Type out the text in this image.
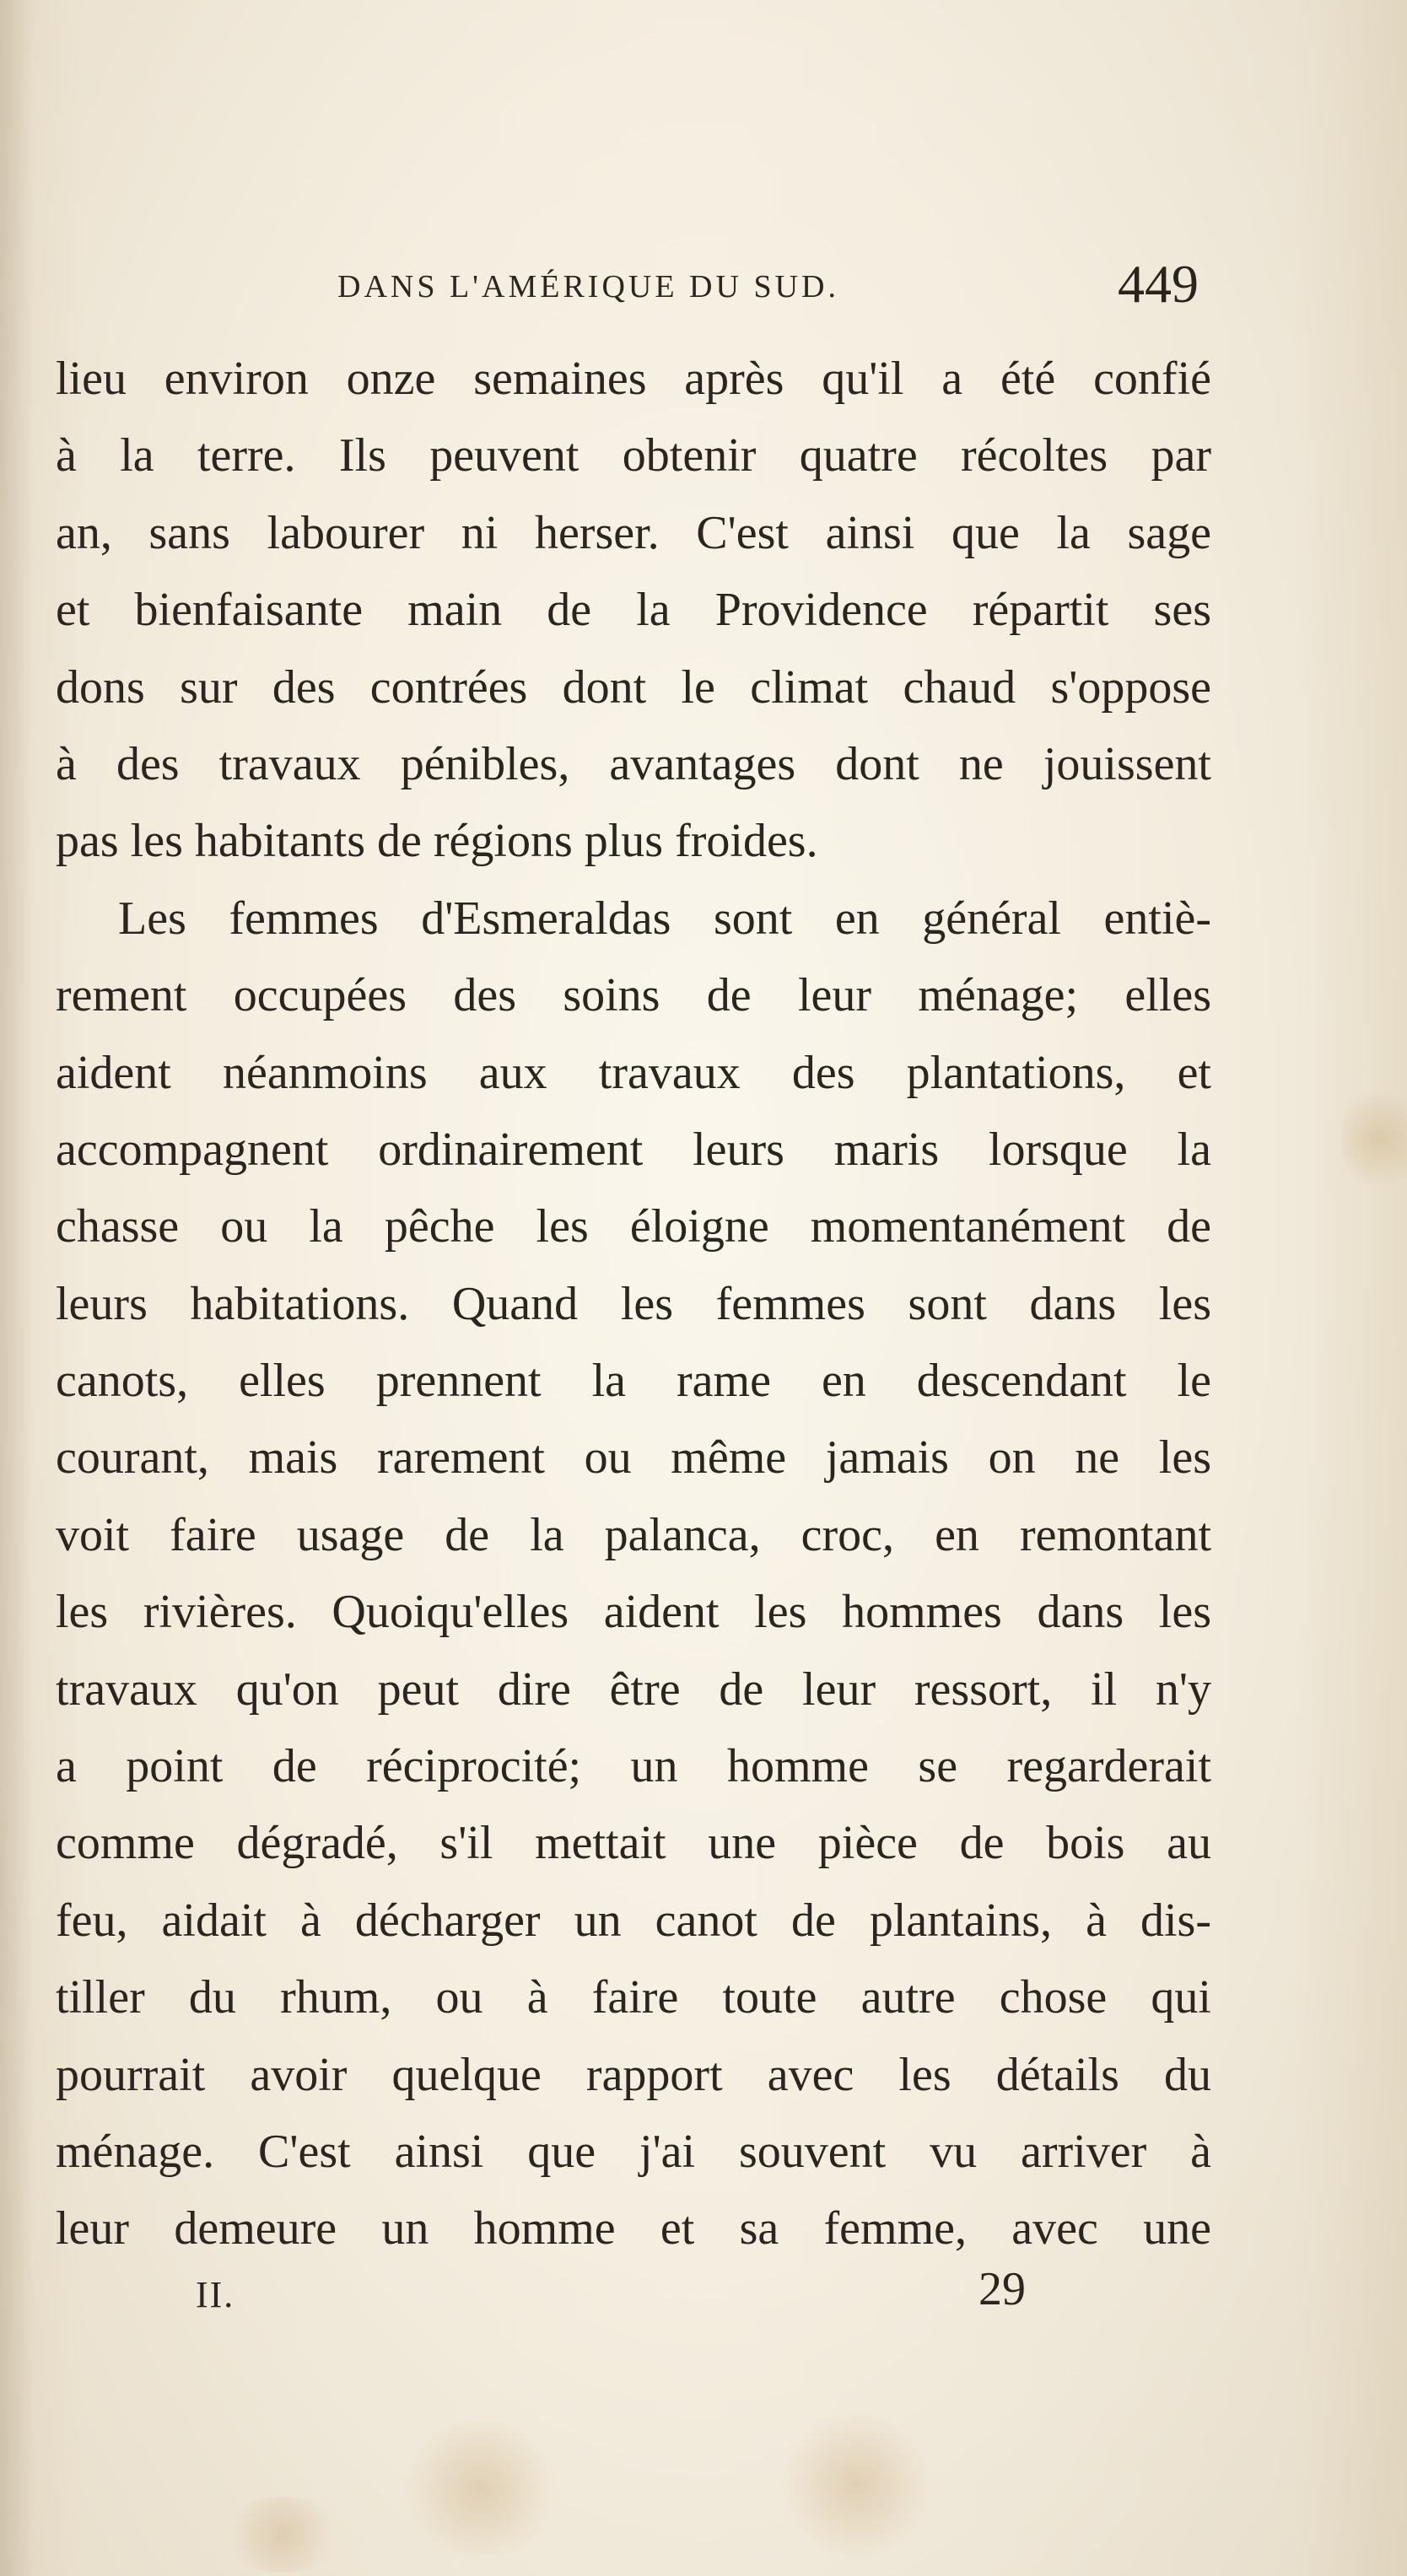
DANS L'AMÉRIQUE DU SUD.	449
lieu environ onze semaines après qu'il a été confié
à la terre. Ils peuvent obtenir quatre récoltes par
an, sans labourer ni herser. C'est ainsi que la sage
et bienfaisante main de la Providence répartit ses
dons sur des contrées dont le climat chaud s'oppose
à des travaux pénibles, avantages dont ne jouissent
pas les habitants de régions plus froides.
Les femmes d'Esmeraldas sont en général entiè-
rement occupées des soins de leur ménage; elles
aident néanmoins aux travaux des plantations, et
accompagnent ordinairement leurs maris lorsque la
chasse ou la pêche les éloigne momentanément de
leurs habitations. Quand les femmes sont dans les
canots, elles prennent la rame en descendant le
courant, mais rarement ou même jamais on ne les
voit faire usage de la palanca, croc, en remontant
les rivières. Quoiqu'elles aident les hommes dans les
travaux qu'on peut dire être de leur ressort, il n'y
a point de réciprocité; un homme se regarderait
comme dégradé, s'il mettait une pièce de bois au
feu, aidait à décharger un canot de plantains, à dis-
tiller du rhum, ou à faire toute autre chose qui
pourrait avoir quelque rapport avec les détails du
ménage. C'est ainsi que j'ai souvent vu arriver à
leur demeure un homme et sa femme, avec une
II.	29
